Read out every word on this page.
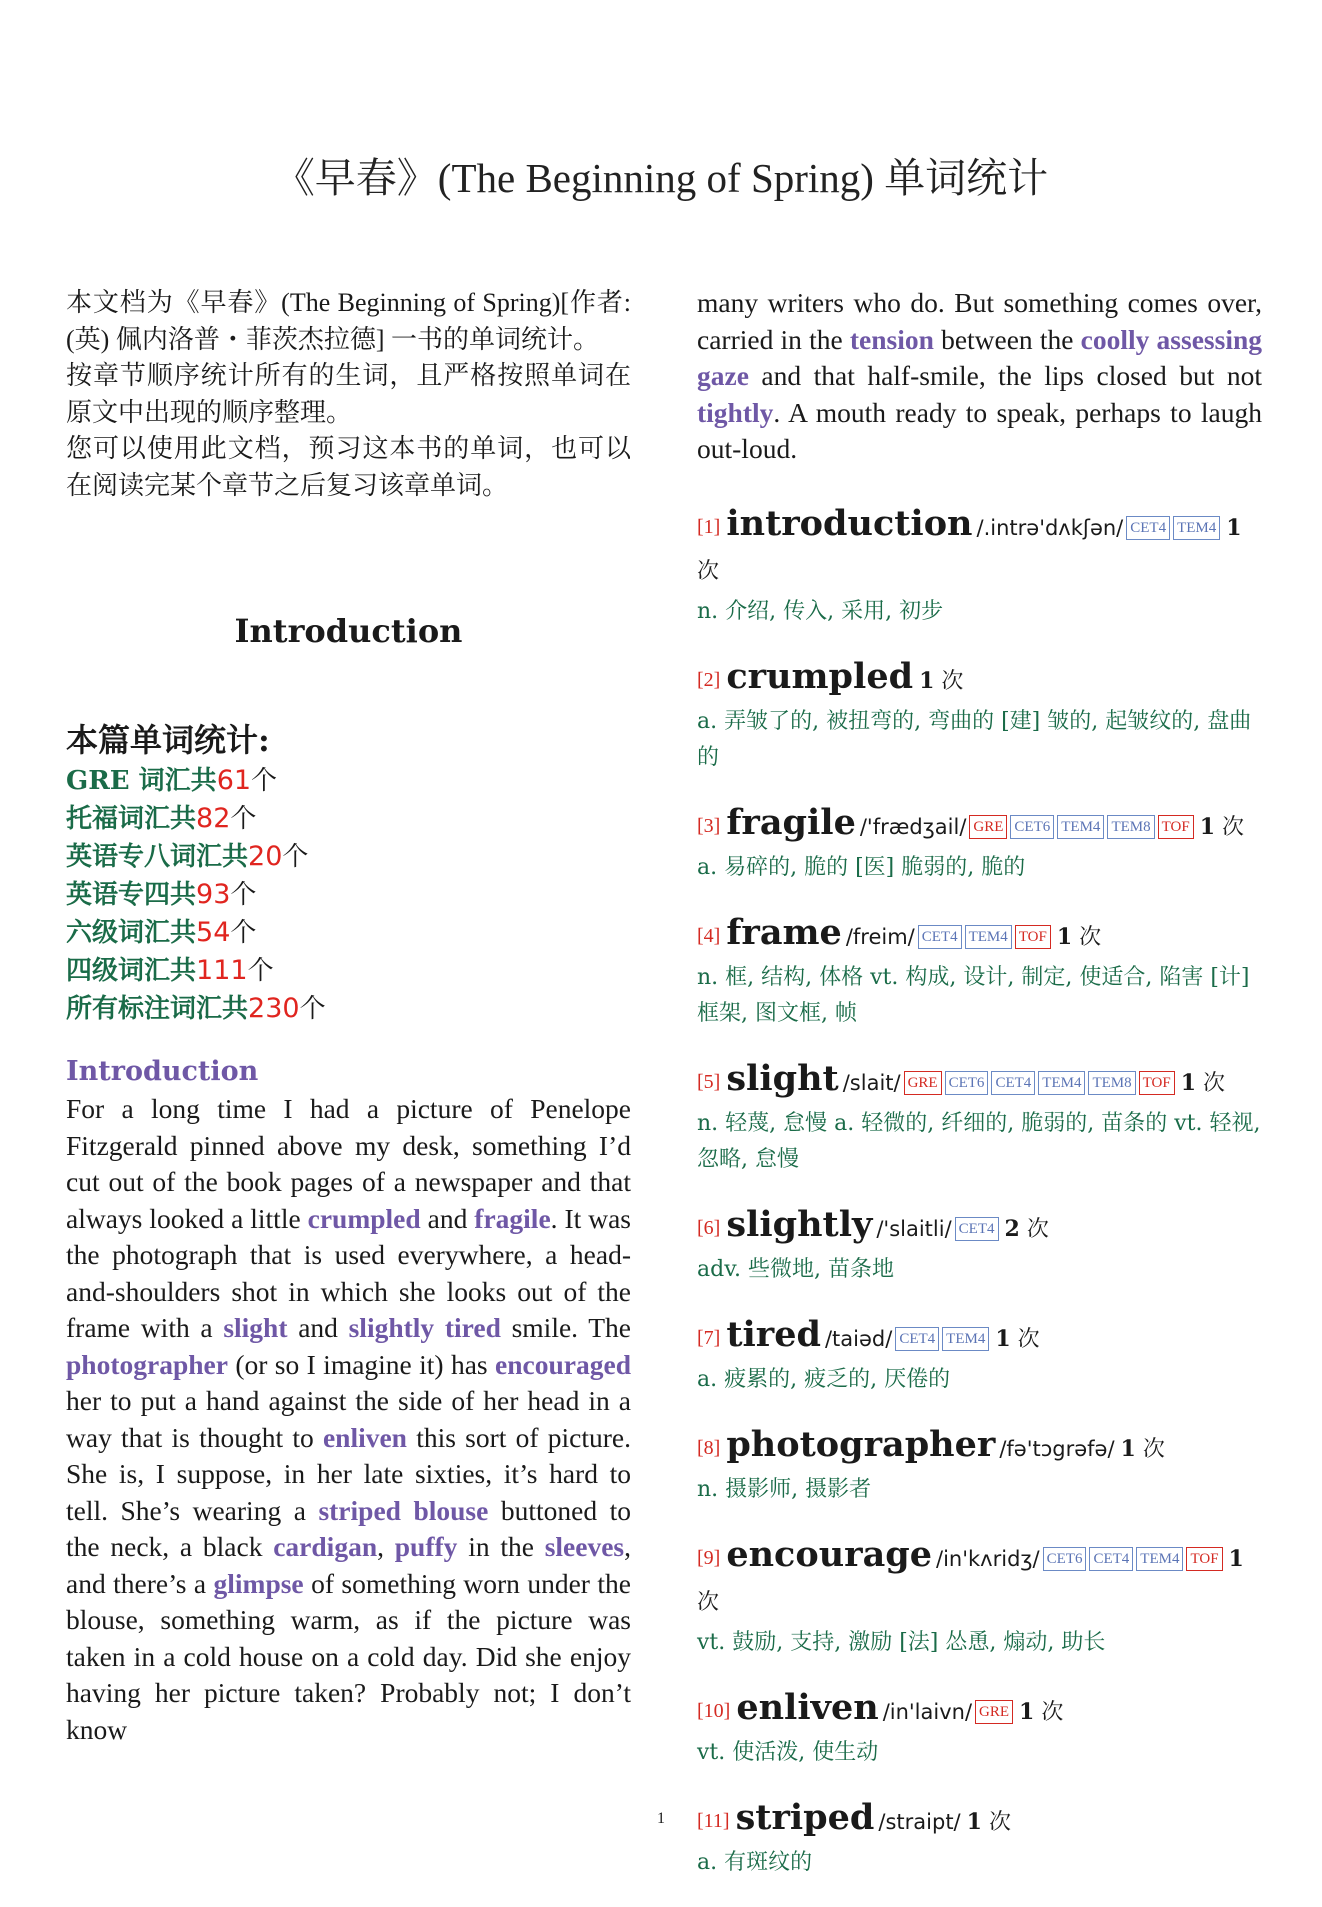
《早春》(The Beginning of Spring) 单词统计

本文档为《早春》(The Beginning of Spring)[作者: (英) 佩内洛普・菲茨杰拉德] 一书的单词统计。

按章节顺序统计所有的生词，且严格按照单词在原文中出现的顺序整理。

您可以使用此文档，预习这本书的单词，也可以在阅读完某个章节之后复习该章单词。

Introduction
本篇单词统计:
GRE 词汇共61个
托福词汇共82个
英语专八词汇共20个
英语专四共93个
六级词汇共54个
四级词汇共111个
所有标注词汇共230个
Introduction

For a long time I had a picture of Penelope Fitzgerald pinned above my desk, something I’d cut out of the book pages of a newspaper and that always looked a little crumpled and fragile. It was the photograph that is used everywhere, a head-and-shoulders shot in which she looks out of the frame with a slight and slightly tired smile. The photographer (or so I imagine it) has encouraged her to put a hand against the side of her head in a way that is thought to enliven this sort of picture. She is, I suppose, in her late sixties, it’s hard to tell. She’s wearing a striped blouse buttoned to the neck, a black cardigan, puffy in the sleeves, and there’s a glimpse of something worn under the blouse, something warm, as if the picture was taken in a cold house on a cold day. Did she enjoy having her picture taken? Probably not; I don’t know

many writers who do. But something comes over, carried in the tension between the coolly assessing gaze and that half-smile, the lips closed but not tightly. A mouth ready to speak, perhaps to laugh out-loud.

[1] introduction /.intrə'dʌkʃən/ CET4 TEM4 1 次
n. 介绍, 传入, 采用, 初步
[2] crumpled 1 次
a. 弄皱了的, 被扭弯的, 弯曲的 [建] 皱的, 起皱纹的, 盘曲的
[3] fragile /'frædʒail/ GRE CET6 TEM4 TEM8 TOF 1 次
a. 易碎的, 脆的 [医] 脆弱的, 脆的
[4] frame /freim/ CET4 TEM4 TOF 1 次
n. 框, 结构, 体格 vt. 构成, 设计, 制定, 使适合, 陷害 [计] 框架, 图文框, 帧
[5] slight /slait/ GRE CET6 CET4 TEM4 TEM8 TOF 1 次
n. 轻蔑, 怠慢 a. 轻微的, 纤细的, 脆弱的, 苗条的 vt. 轻视, 忽略, 怠慢
[6] slightly /'slaitli/ CET4 2 次
adv. 些微地, 苗条地
[7] tired /taiəd/ CET4 TEM4 1 次
a. 疲累的, 疲乏的, 厌倦的
[8] photographer /fə'tɔgrəfə/ 1 次
n. 摄影师, 摄影者
[9] encourage /in'kʌridʒ/ CET6 CET4 TEM4 TOF 1 次
vt. 鼓励, 支持, 激励 [法] 怂恿, 煽动, 助长
[10] enliven /in'laivn/ GRE 1 次
vt. 使活泼, 使生动
[11] striped /straipt/ 1 次
a. 有斑纹的
1
